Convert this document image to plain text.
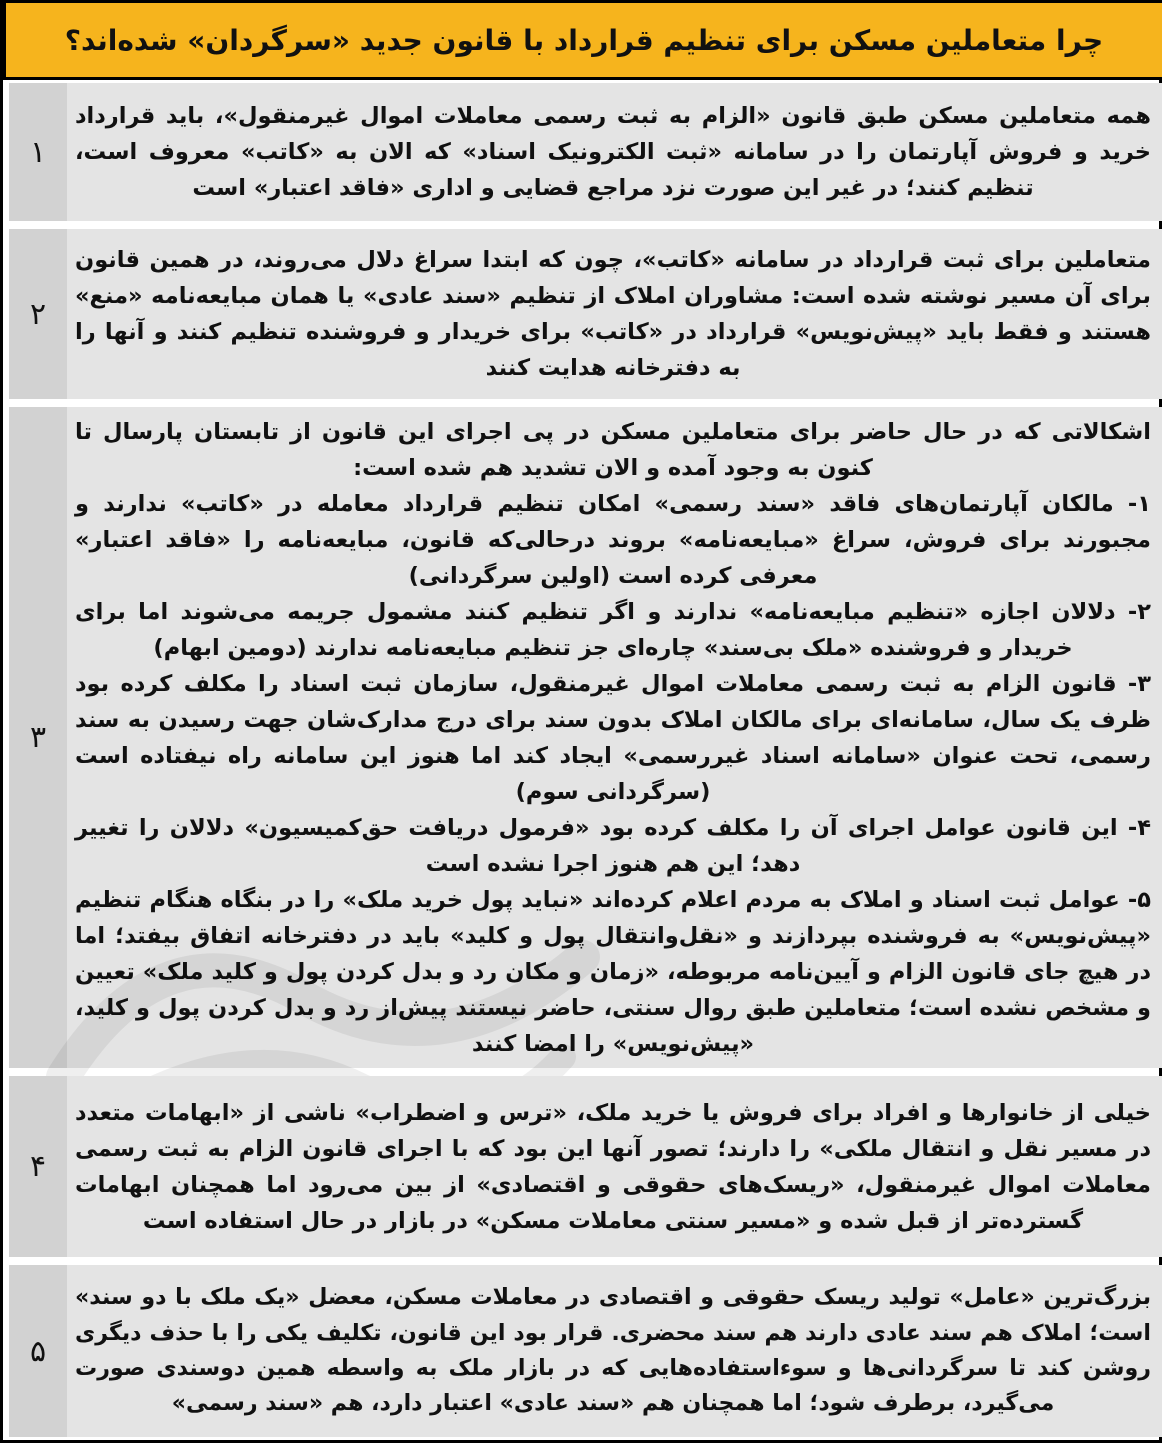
چرا متعاملین مسکن برای تنظیم قرارداد با قانون جدید «سرگردان» شده‌اند؟
۱

همه متعاملین مسکن طبق قانون «الزام به ثبت رسمی معاملات اموال غیرمنقول»، باید قرارداد خرید و فروش آپارتمان را در سامانه «ثبت الکترونیک اسناد» که الان به «کاتب» معروف است، تنظیم کنند؛ در غیر این صورت نزد مراجع قضایی و اداری «فاقد اعتبار» است

۲

متعاملین برای ثبت قرارداد در سامانه «کاتب»، چون که ابتدا سراغ دلال می‌روند، در همین قانون برای آن مسیر نوشته شده است: مشاوران املاک از تنظیم «سند عادی» یا همان مبایعه‌نامه «منع» هستند و فقط باید «پیش‌نویس» قرارداد در «کاتب» برای خریدار و فروشنده تنظیم کنند و آنها را به دفترخانه هدایت کنند

۳

اشکالاتی که در حال حاضر برای متعاملین مسکن در پی اجرای این قانون از تابستان پارسال تا کنون به وجود آمده و الان تشدید هم شده است:

۱- مالکان آپارتمان‌های فاقد «سند رسمی» امکان تنظیم قرارداد معامله در «کاتب» ندارند و مجبورند برای فروش، سراغ «مبایعه‌نامه» بروند درحالی‌که قانون، مبایعه‌نامه را «فاقد اعتبار» معرفی کرده است (اولین سرگردانی)

۲- دلالان اجازه «تنظیم مبایعه‌نامه» ندارند و اگر تنظیم کنند مشمول جریمه می‌شوند اما برای خریدار و فروشنده «ملک بی‌سند» چاره‌ای جز تنظیم مبایعه‌نامه ندارند (دومین ابهام)

۳- قانون الزام به ثبت رسمی معاملات اموال غیرمنقول، سازمان ثبت اسناد را مکلف کرده بود ظرف یک سال، سامانه‌ای برای مالکان املاک بدون سند برای درج مدارک‌شان جهت رسیدن به سند رسمی، تحت عنوان «سامانه اسناد غیررسمی» ایجاد کند اما هنوز این سامانه راه نیفتاده است (سرگردانی سوم)

۴- این قانون عوامل اجرای آن را مکلف کرده بود «فرمول دریافت حق‌کمیسیون» دلالان را تغییر دهد؛ این هم هنوز اجرا نشده است

۵- عوامل ثبت اسناد و املاک به مردم اعلام کرده‌اند «نباید پول خرید ملک» را در بنگاه هنگام تنظیم «پیش‌نویس» به فروشنده بپردازند و «نقل‌وانتقال پول و کلید» باید در دفترخانه اتفاق بیفتد؛ اما در هیچ جای قانون الزام و آیین‌نامه مربوطه، «زمان و مکان رد و بدل کردن پول و کلید ملک» تعیین و مشخص نشده است؛ متعاملین طبق روال سنتی، حاضر نیستند پیش‌از رد و بدل کردن پول و کلید، «پیش‌نویس» را امضا کنند

۴

خیلی از خانوارها و افراد برای فروش یا خرید ملک، «ترس و اضطراب» ناشی از «ابهامات متعدد در مسیر نقل و انتقال ملکی» را دارند؛ تصور آنها این بود که با اجرای قانون الزام به ثبت رسمی معاملات اموال غیرمنقول، «ریسک‌های حقوقی و اقتصادی» از بین می‌رود اما همچنان ابهامات گسترده‌تر از قبل شده و «مسیر سنتی معاملات مسکن» در بازار در حال استفاده است

۵

بزرگ‌ترین «عامل» تولید ریسک حقوقی و اقتصادی در معاملات مسکن، معضل «یک ملک با دو سند» است؛ املاک هم سند عادی دارند هم سند محضری. قرار بود این قانون، تکلیف یکی را با حذف دیگری روشن کند تا سرگردانی‌ها و سوءاستفاده‌هایی که در بازار ملک به واسطه همین دوسندی صورت می‌گیرد، برطرف شود؛ اما همچنان هم «سند عادی» اعتبار دارد، هم «سند رسمی»
